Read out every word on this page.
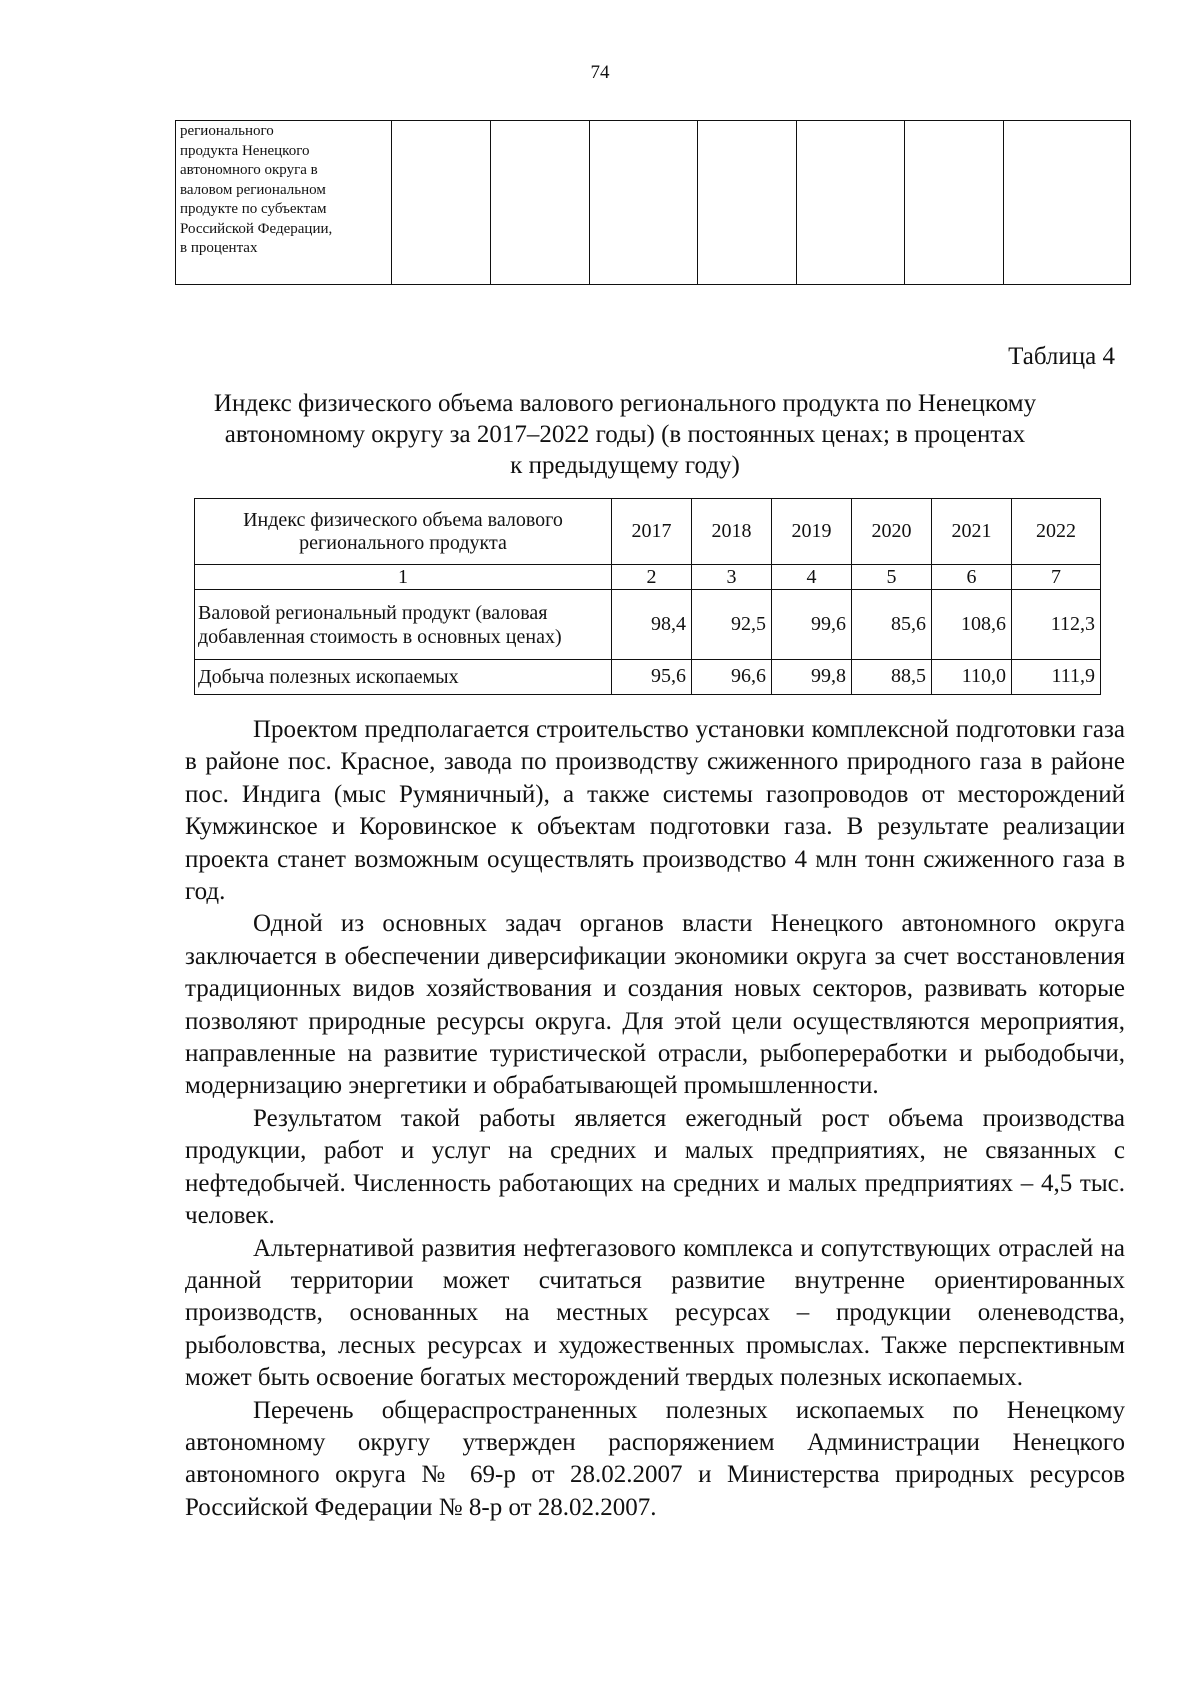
74
регионального
продукта Ненецкого
автономного округа в
валовом региональном
продукте по субъектам
Российской Федерации,
в процентах

Таблица 4
Индекс физического объема валового регионального продукта по Ненецкому
автономному округу за 2017–2022 годы) (в постоянных ценах; в процентах
к предыдущему году)
Индекс физического объема валового регионального продукта	2017	2018	2019	2020	2021	2022
1	2	3	4	5	6	7
Валовой региональный продукт (валовая добавленная стоимость в основных ценах)	98,4	92,5	99,6	85,6	108,6	112,3
Добыча полезных ископаемых	95,6	96,6	99,8	88,5	110,0	111,9

Проектом предполагается строительство установки комплексной подготовки газа в районе пос. Красное, завода по производству сжиженного природного газа в районе пос. Индига (мыс Румяничный), а также системы газопроводов от месторождений Кумжинское и Коровинское к объектам подготовки газа. В результате реализации проекта станет возможным осуществлять производство 4 млн тонн сжиженного газа в год.

Одной из основных задач органов власти Ненецкого автономного округа заключается в обеспечении диверсификации экономики округа за счет восстановления традиционных видов хозяйствования и создания новых секторов, развивать которые позволяют природные ресурсы округа. Для этой цели осуществляются мероприятия, направленные на развитие туристической отрасли, рыбопереработки и рыбодобычи, модернизацию энергетики и обрабатывающей промышленности.

Результатом такой работы является ежегодный рост объема производства продукции, работ и услуг на средних и малых предприятиях, не связанных с нефтедобычей. Численность работающих на средних и малых предприятиях – 4,5 тыс. человек.

Альтернативой развития нефтегазового комплекса и сопутствующих отраслей на данной территории может считаться развитие внутренне ориентированных производств, основанных на местных ресурсах – продукции оленеводства, рыболовства, лесных ресурсах и художественных промыслах. Также перспективным может быть освоение богатых месторождений твердых полезных ископаемых.

Перечень общераспространенных полезных ископаемых по Ненецкому автономному округу утвержден распоряжением Администрации Ненецкого автономного округа № 69-р от 28.02.2007 и Министерства природных ресурсов Российской Федерации № 8-р от 28.02.2007.
